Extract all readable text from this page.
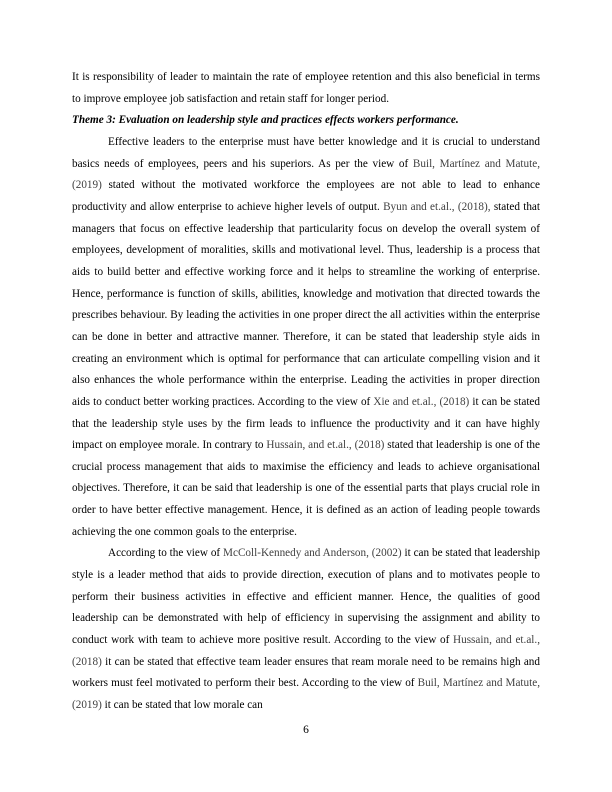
It is responsibility of leader to maintain the rate of employee retention and this also beneficial in terms to improve employee job satisfaction and retain staff for longer period.

Theme 3: Evaluation on leadership style and practices effects workers performance.

Effective leaders to the enterprise must have better knowledge and it is crucial to understand basics needs of employees, peers and his superiors. As per the view of Buil, Martínez and Matute, (2019) stated without the motivated workforce the employees are not able to lead to enhance productivity and allow enterprise to achieve higher levels of output. Byun and et.al., (2018), stated that managers that focus on effective leadership that particularity focus on develop the overall system of employees, development of moralities, skills and motivational level. Thus, leadership is a process that aids to build better and effective working force and it helps to streamline the working of enterprise. Hence, performance is function of skills, abilities, knowledge and motivation that directed towards the prescribes behaviour. By leading the activities in one proper direct the all activities within the enterprise can be done in better and attractive manner. Therefore, it can be stated that leadership style aids in creating an environment which is optimal for performance that can articulate compelling vision and it also enhances the whole performance within the enterprise. Leading the activities in proper direction aids to conduct better working practices. According to the view of Xie and et.al., (2018) it can be stated that the leadership style uses by the firm leads to influence the productivity and it can have highly impact on employee morale. In contrary to Hussain, and et.al., (2018) stated that leadership is one of the crucial process management that aids to maximise the efficiency and leads to achieve organisational objectives. Therefore, it can be said that leadership is one of the essential parts that plays crucial role in order to have better effective management. Hence, it is defined as an action of leading people towards achieving the one common goals to the enterprise.

According to the view of McColl-Kennedy and Anderson, (2002) it can be stated that leadership style is a leader method that aids to provide direction, execution of plans and to motivates people to perform their business activities in effective and efficient manner. Hence, the qualities of good leadership can be demonstrated with help of efficiency in supervising the assignment and ability to conduct work with team to achieve more positive result. According to the view of Hussain, and et.al., (2018) it can be stated that effective team leader ensures that ream morale need to be remains high and workers must feel motivated to perform their best. According to the view of Buil, Martínez and Matute, (2019) it can be stated that low morale can

6
